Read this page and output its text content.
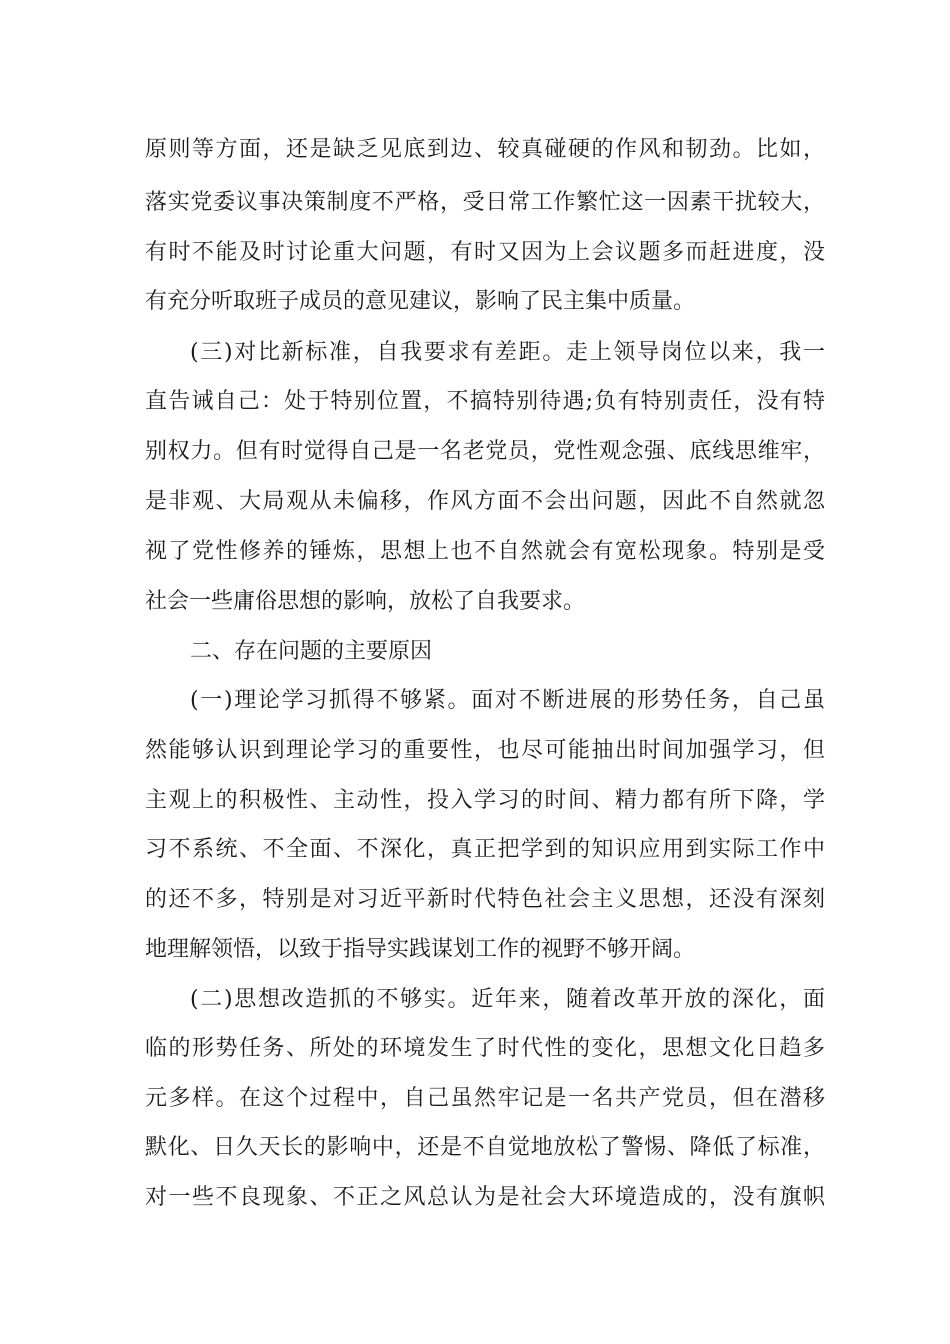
原则等方面，还是缺乏见底到边、较真碰硬的作风和韧劲。比如，
落实党委议事决策制度不严格，受日常工作繁忙这一因素干扰较大，
有时不能及时讨论重大问题，有时又因为上会议题多而赶进度，没
有充分听取班子成员的意见建议，影响了民主集中质量。
(三)对比新标准，自我要求有差距。走上领导岗位以来，我一
直告诫自己：处于特别位置，不搞特别待遇;负有特别责任，没有特
别权力。但有时觉得自己是一名老党员，党性观念强、底线思维牢，
是非观、大局观从未偏移，作风方面不会出问题，因此不自然就忽
视了党性修养的锤炼，思想上也不自然就会有宽松现象。特别是受
社会一些庸俗思想的影响，放松了自我要求。
二、存在问题的主要原因
(一)理论学习抓得不够紧。面对不断进展的形势任务，自己虽
然能够认识到理论学习的重要性，也尽可能抽出时间加强学习，但
主观上的积极性、主动性，投入学习的时间、精力都有所下降，学
习不系统、不全面、不深化，真正把学到的知识应用到实际工作中
的还不多，特别是对习近平新时代特色社会主义思想，还没有深刻
地理解领悟，以致于指导实践谋划工作的视野不够开阔。
(二)思想改造抓的不够实。近年来，随着改革开放的深化，面
临的形势任务、所处的环境发生了时代性的变化，思想文化日趋多
元多样。在这个过程中，自己虽然牢记是一名共产党员，但在潜移
默化、日久天长的影响中，还是不自觉地放松了警惕、降低了标准，
对一些不良现象、不正之风总认为是社会大环境造成的，没有旗帜
